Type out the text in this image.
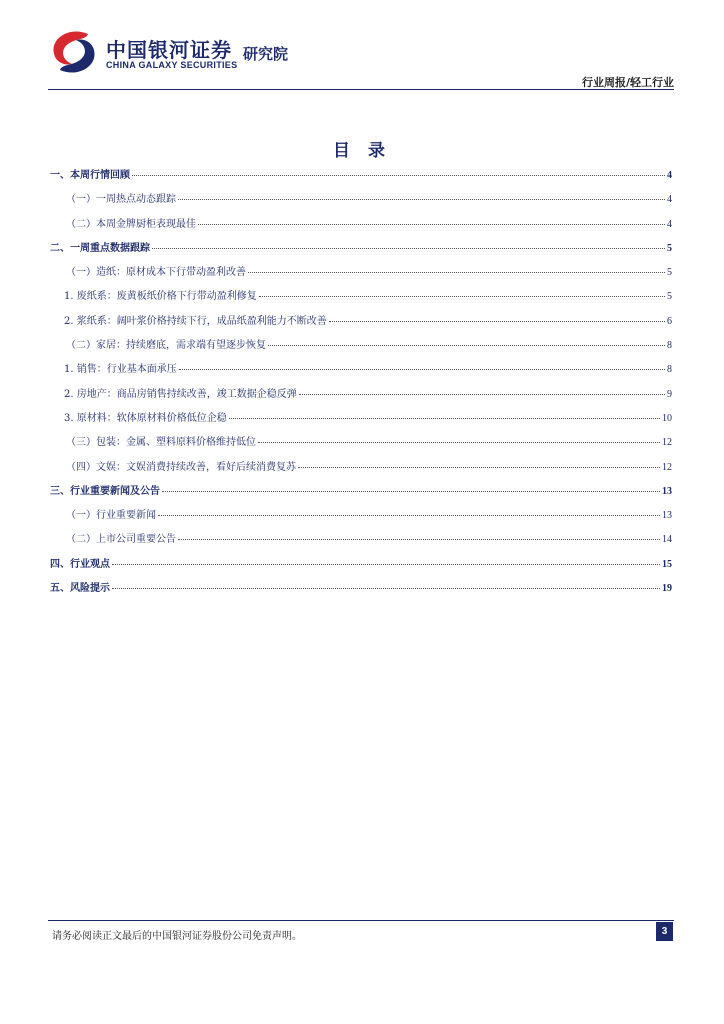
中国银河证券
CHINA GALAXY SECURITIES
研究院
行业周报/轻工行业
目 录
一、本周行情回顾	4
（一）一周热点动态跟踪	4
（二）本周金牌厨柜表现最佳	4
二、一周重点数据跟踪	5
（一）造纸：原材成本下行带动盈利改善	5
1. 废纸系：废黄板纸价格下行带动盈利修复	5
2. 浆纸系：阔叶浆价格持续下行，成品纸盈利能力不断改善	6
（二）家居：持续磨底，需求端有望逐步恢复	8
1. 销售：行业基本面承压	8
2. 房地产：商品房销售持续改善，竣工数据企稳反弹	9
3. 原材料：软体原材料价格低位企稳	10
（三）包装：金属、塑料原料价格维持低位	12
（四）文娱：文娱消费持续改善，看好后续消费复苏	12
三、行业重要新闻及公告	13
（一）行业重要新闻	13
（二）上市公司重要公告	14
四、行业观点	15
五、风险提示	19
请务必阅读正文最后的中国银河证券股份公司免责声明。	3
